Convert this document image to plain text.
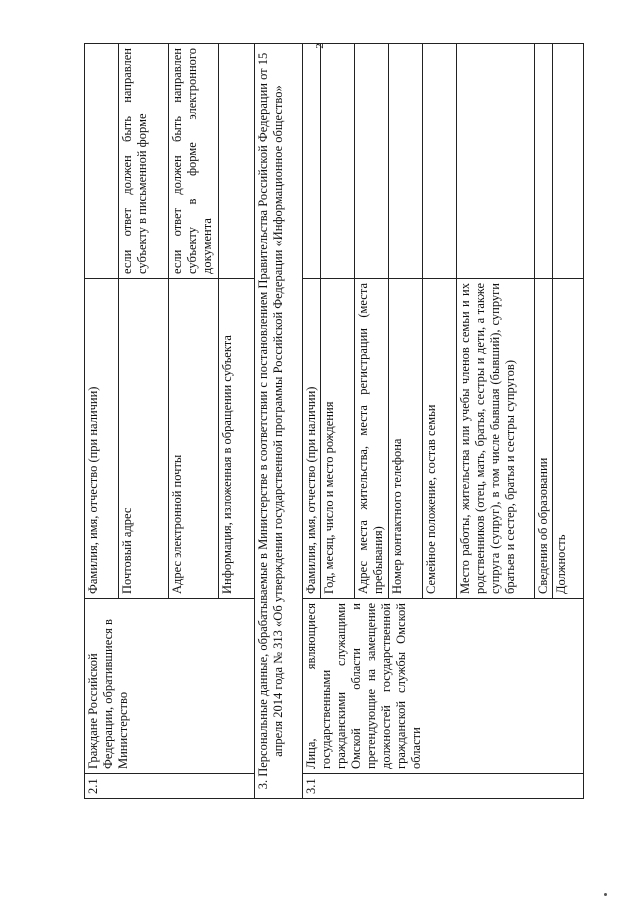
2
2.1	Граждане Российской Федерации, обратившиеся в Министерство	Фамилия, имя, отчество (при наличии)	
		Почтовый адрес	если ответ должен быть направлен субъекту в письменной форме
		Адрес электронной почты	если ответ должен быть направлен субъекту в форме электронного документа
		Информация, изложенная в обращении субъекта	
3. Персональные данные, обрабатываемые в Министерстве в соответствии с постановлением Правительства Российской Федерации от 15 апреля 2014 года № 313 «Об утверждении государственной программы Российской Федерации «Информационное общество»			
3.1	Лица, являющиеся государственными гражданскими служащими Омской области и претендующие на замещение должностей государственной гражданской службы Омской области	Фамилия, имя, отчество (при наличии)	
		Год, месяц, число и место рождения	
		Адрес места жительства, места регистрации (места пребывания)	
		Номер контактного телефона	
		Семейное положение, состав семьи	
		Место работы, жительства или учебы членов семьи и их родственников (отец, мать, братья, сестры и дети, а также супруга (супруг), в том числе бывшая (бывший), супруги братьев и сестер, братья и сестры супругов)	
		Сведения об образовании	
		Должность	
